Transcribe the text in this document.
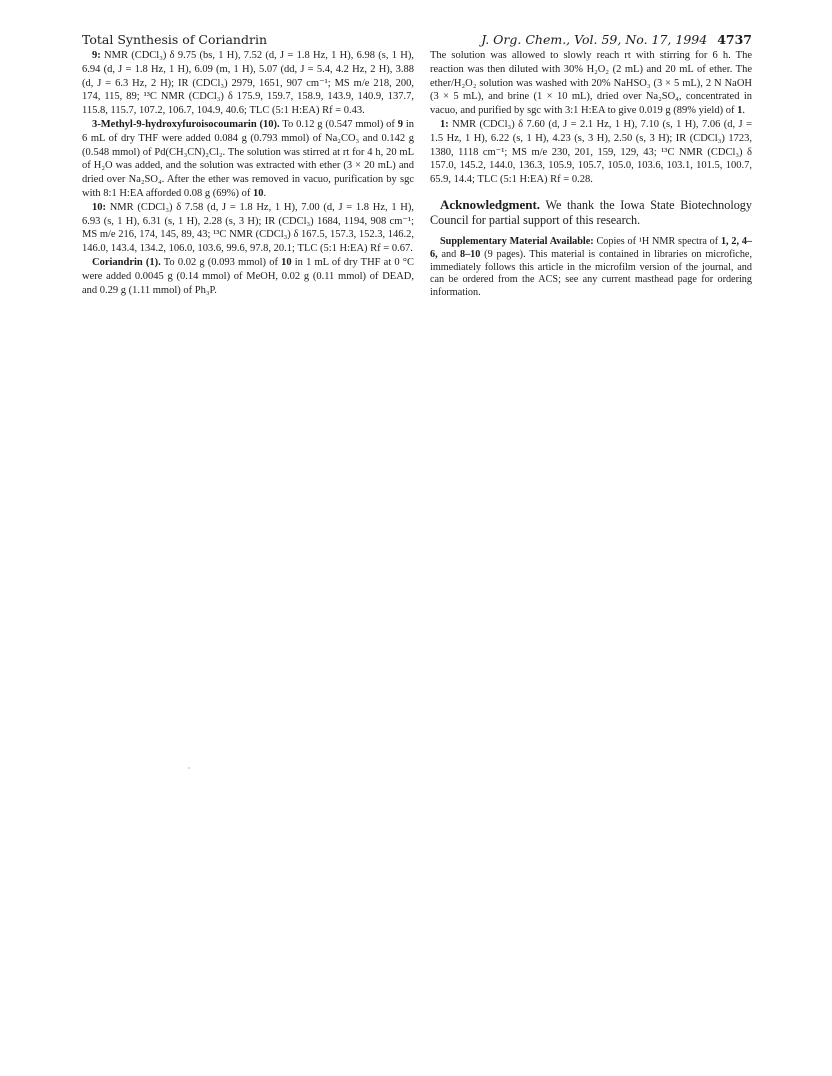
Total Synthesis of Coriandrin	J. Org. Chem., Vol. 59, No. 17, 1994 4737

9: NMR (CDCl₃) δ 9.75 (bs, 1 H), 7.52 (d, J = 1.8 Hz, 1 H), 6.98 (s, 1 H), 6.94 (d, J = 1.8 Hz, 1 H), 6.09 (m, 1 H), 5.07 (dd, J = 5.4, 4.2 Hz, 2 H), 3.88 (d, J = 6.3 Hz, 2 H); IR (CDCl₃) 2979, 1651, 907 cm⁻¹; MS m/e 218, 200, 174, 115, 89; ¹³C NMR (CDCl₃) δ 175.9, 159.7, 158.9, 143.9, 140.9, 137.7, 115.8, 115.7, 107.2, 106.7, 104.9, 40.6; TLC (5:1 H:EA) Rf = 0.43.

3-Methyl-9-hydroxyfuroisocoumarin (10). To 0.12 g (0.547 mmol) of 9 in 6 mL of dry THF were added 0.084 g (0.793 mmol) of Na₂CO₃ and 0.142 g (0.548 mmol) of Pd(CH₃CN)₂Cl₂. The solution was stirred at rt for 4 h, 20 mL of H₂O was added, and the solution was extracted with ether (3 × 20 mL) and dried over Na₂SO₄. After the ether was removed in vacuo, purification by sgc with 8:1 H:EA afforded 0.08 g (69%) of 10.

10: NMR (CDCl₃) δ 7.58 (d, J = 1.8 Hz, 1 H), 7.00 (d, J = 1.8 Hz, 1 H), 6.93 (s, 1 H), 6.31 (s, 1 H), 2.28 (s, 3 H); IR (CDCl₃) 1684, 1194, 908 cm⁻¹; MS m/e 216, 174, 145, 89, 43; ¹³C NMR (CDCl₃) δ 167.5, 157.3, 152.3, 146.2, 146.0, 143.4, 134.2, 106.0, 103.6, 99.6, 97.8, 20.1; TLC (5:1 H:EA) Rf = 0.67.

Coriandrin (1). To 0.02 g (0.093 mmol) of 10 in 1 mL of dry THF at 0 °C were added 0.0045 g (0.14 mmol) of MeOH, 0.02 g (0.11 mmol) of DEAD, and 0.29 g (1.11 mmol) of Ph₃P.

The solution was allowed to slowly reach rt with stirring for 6 h. The reaction was then diluted with 30% H₂O₂ (2 mL) and 20 mL of ether. The ether/H₂O₂ solution was washed with 20% NaHSO₃ (3 × 5 mL), 2 N NaOH (3 × 5 mL), and brine (1 × 10 mL), dried over Na₂SO₄, concentrated in vacuo, and purified by sgc with 3:1 H:EA to give 0.019 g (89% yield) of 1.

1: NMR (CDCl₃) δ 7.60 (d, J = 2.1 Hz, 1 H), 7.10 (s, 1 H), 7.06 (d, J = 1.5 Hz, 1 H), 6.22 (s, 1 H), 4.23 (s, 3 H), 2.50 (s, 3 H); IR (CDCl₃) 1723, 1380, 1118 cm⁻¹; MS m/e 230, 201, 159, 129, 43; ¹³C NMR (CDCl₃) δ 157.0, 145.2, 144.0, 136.3, 105.9, 105.7, 105.0, 103.6, 103.1, 101.5, 100.7, 65.9, 14.4; TLC (5:1 H:EA) Rf = 0.28.

Acknowledgment. We thank the Iowa State Biotechnology Council for partial support of this research.

Supplementary Material Available: Copies of ¹H NMR spectra of 1, 2, 4–6, and 8–10 (9 pages). This material is contained in libraries on microfiche, immediately follows this article in the microfilm version of the journal, and can be ordered from the ACS; see any current masthead page for ordering information.
